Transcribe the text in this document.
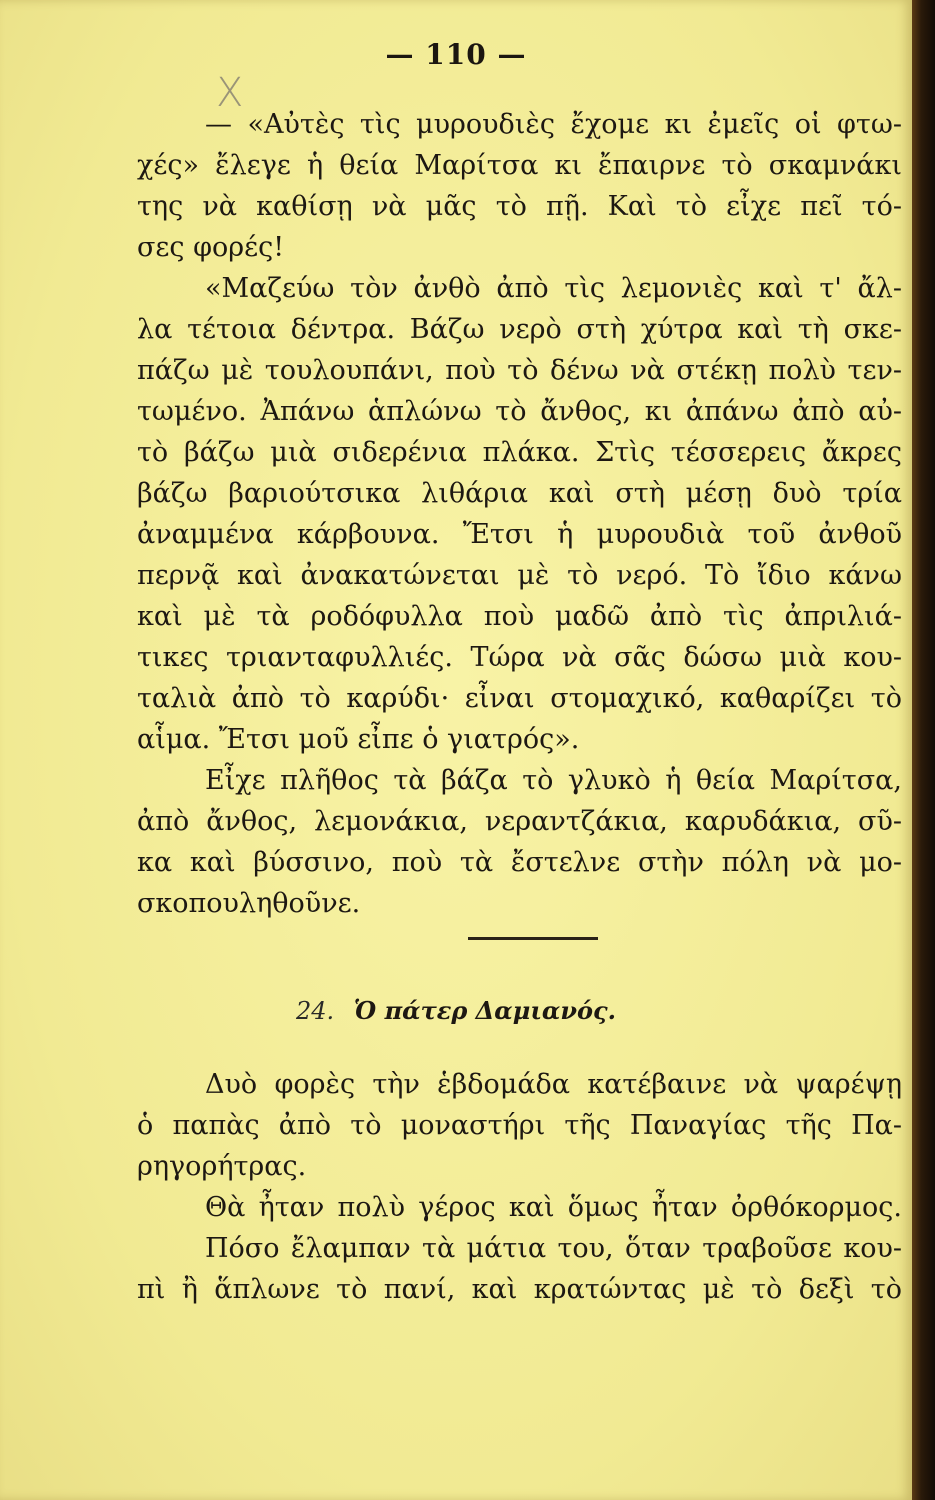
— 110 —
X
— «Αὐτὲς τὶς μυρουδιὲς ἔχομε κι ἐμεῖς οἱ φτω-
χές» ἔλεγε ἡ θεία Μαρίτσα κι ἔπαιρνε τὸ σκαμνάκι
της νὰ καθίσῃ νὰ μᾶς τὸ πῇ. Καὶ τὸ εἶχε πεῖ τό-
σες φορές!
«Μαζεύω τὸν ἀνθὸ ἀπὸ τὶς λεμονιὲς καὶ τ' ἄλ-
λα τέτοια δέντρα. Βάζω νερὸ στὴ χύτρα καὶ τὴ σκε-
πάζω μὲ τουλουπάνι, ποὺ τὸ δένω νὰ στέκῃ πολὺ τεν-
τωμένο. Ἀπάνω ἁπλώνω τὸ ἄνθος, κι ἀπάνω ἀπὸ αὐ-
τὸ βάζω μιὰ σιδερένια πλάκα. Στὶς τέσσερεις ἄκρες
βάζω βαριούτσικα λιθάρια καὶ στὴ μέσῃ δυὸ τρία
ἀναμμένα κάρβουνα. Ἔτσι ἡ μυρουδιὰ τοῦ ἀνθοῦ
περνᾷ καὶ ἀνακατώνεται μὲ τὸ νερό. Τὸ ἴδιο κάνω
καὶ μὲ τὰ ροδόφυλλα ποὺ μαδῶ ἀπὸ τὶς ἀπριλιά-
τικες τριανταφυλλιές. Τώρα νὰ σᾶς δώσω μιὰ κου-
ταλιὰ ἀπὸ τὸ καρύδι· εἶναι στομαχικό, καθαρίζει τὸ
αἷμα. Ἔτσι μοῦ εἶπε ὁ γιατρός».
Εἶχε πλῆθος τὰ βάζα τὸ γλυκὸ ἡ θεία Μαρίτσα,
ἀπὸ ἄνθος, λεμονάκια, νεραντζάκια, καρυδάκια, σῦ-
κα καὶ βύσσινο, ποὺ τὰ ἔστελνε στὴν πόλη νὰ μο-
σκοπουληθοῦνε.
24. Ὁ πάτερ Δαμιανός.
Δυὸ φορὲς τὴν ἑβδομάδα κατέβαινε νὰ ψαρέψῃ
ὁ παπὰς ἀπὸ τὸ μοναστήρι τῆς Παναγίας τῆς Πα-
ρηγορήτρας.
Θὰ ἦταν πολὺ γέρος καὶ ὅμως ἦταν ὀρθόκορμος.
Πόσο ἔλαμπαν τὰ μάτια του, ὅταν τραβοῦσε κου-
πὶ ἢ ἅπλωνε τὸ πανί, καὶ κρατώντας μὲ τὸ δεξὶ τὸ
